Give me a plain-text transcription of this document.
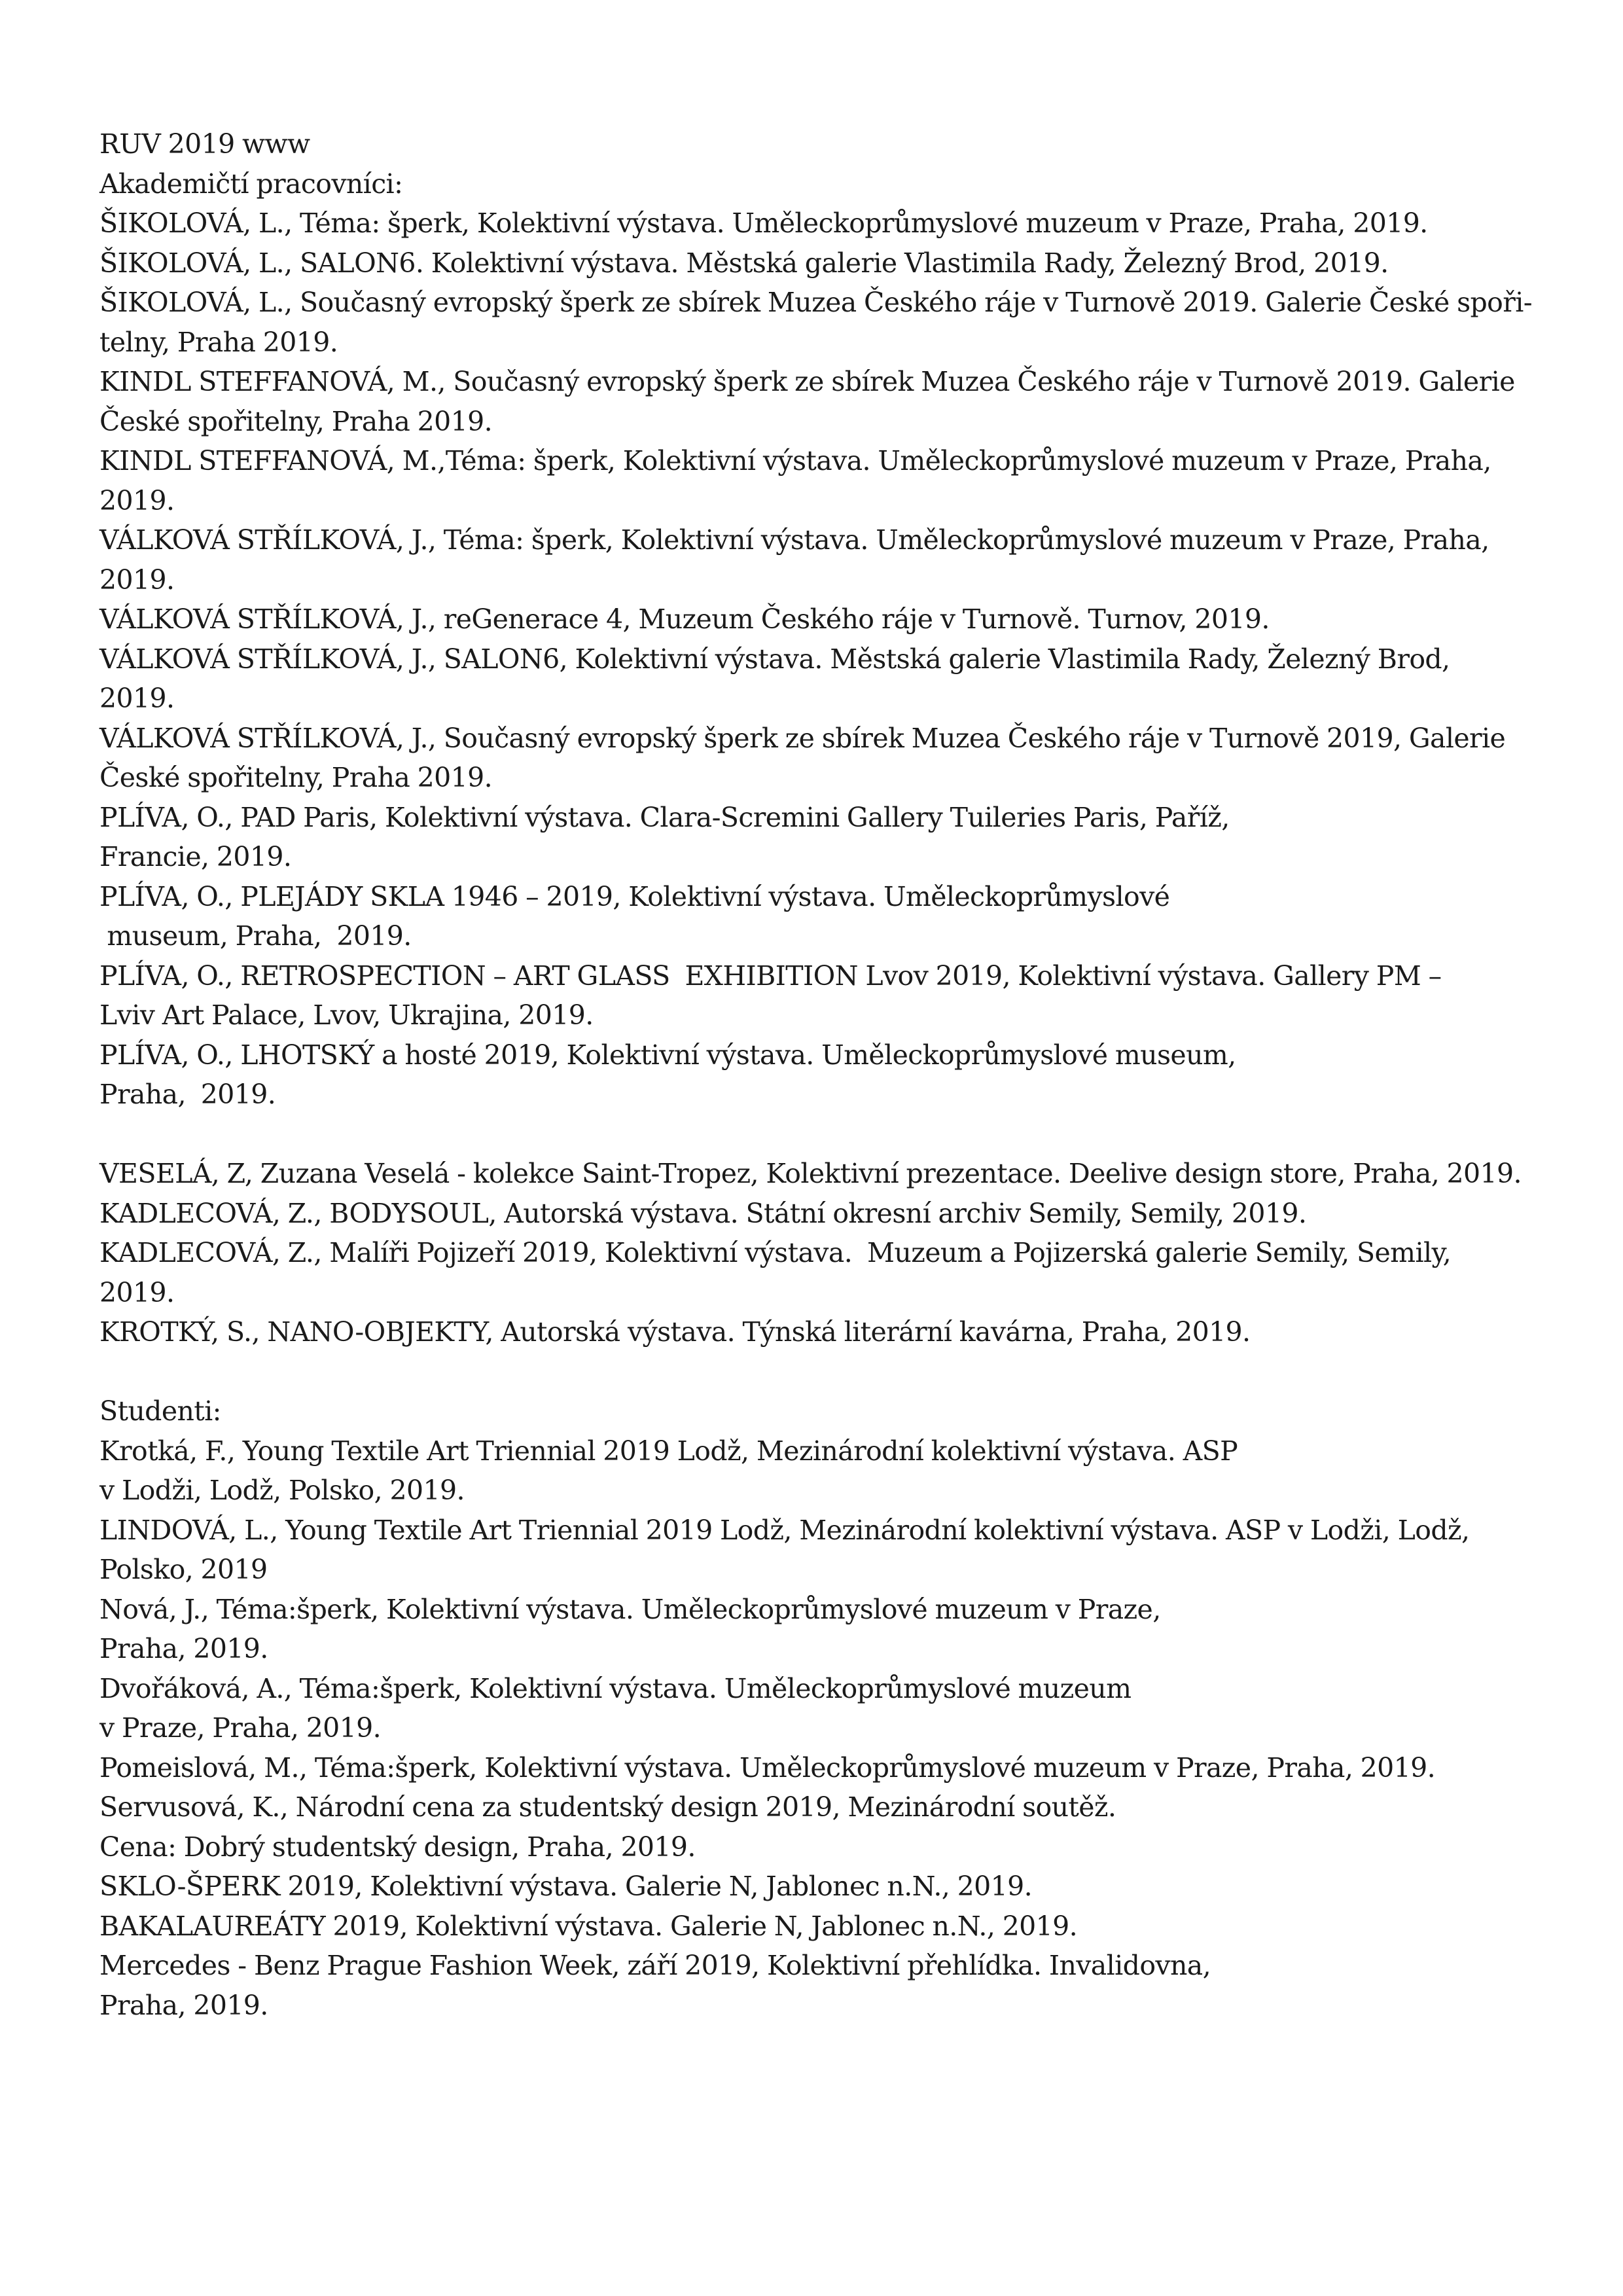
RUV 2019 www
Akademičtí pracovníci:
ŠIKOLOVÁ, L., Téma: šperk, Kolektivní výstava. Uměleckoprůmyslové muzeum v Praze, Praha, 2019.
ŠIKOLOVÁ, L., SALON6. Kolektivní výstava. Městská galerie Vlastimila Rady, Železný Brod, 2019.
ŠIKOLOVÁ, L., Současný evropský šperk ze sbírek Muzea Českého ráje v Turnově 2019. Galerie České spoři-
telny, Praha 2019.
KINDL STEFFANOVÁ, M., Současný evropský šperk ze sbírek Muzea Českého ráje v Turnově 2019. Galerie
České spořitelny, Praha 2019.
KINDL STEFFANOVÁ, M.,Téma: šperk, Kolektivní výstava. Uměleckoprůmyslové muzeum v Praze, Praha,
2019.
VÁLKOVÁ STŘÍLKOVÁ, J., Téma: šperk, Kolektivní výstava. Uměleckoprůmyslové muzeum v Praze, Praha,
2019.
VÁLKOVÁ STŘÍLKOVÁ, J., reGenerace 4, Muzeum Českého ráje v Turnově. Turnov, 2019.
VÁLKOVÁ STŘÍLKOVÁ, J., SALON6, Kolektivní výstava. Městská galerie Vlastimila Rady, Železný Brod,
2019.
VÁLKOVÁ STŘÍLKOVÁ, J., Současný evropský šperk ze sbírek Muzea Českého ráje v Turnově 2019, Galerie
České spořitelny, Praha 2019.
PLÍVA, O., PAD Paris, Kolektivní výstava. Clara-Scremini Gallery Tuileries Paris, Paříž,
Francie, 2019.
PLÍVA, O., PLEJÁDY SKLA 1946 – 2019, Kolektivní výstava. Uměleckoprůmyslové
museum, Praha,  2019.
PLÍVA, O., RETROSPECTION – ART GLASS  EXHIBITION Lvov 2019, Kolektivní výstava. Gallery PM –
Lviv Art Palace, Lvov, Ukrajina, 2019.
PLÍVA, O., LHOTSKÝ a hosté 2019, Kolektivní výstava. Uměleckoprůmyslové museum,
Praha,  2019.
VESELÁ, Z, Zuzana Veselá - kolekce Saint-Tropez, Kolektivní prezentace. Deelive design store, Praha, 2019.
KADLECOVÁ, Z., BODYSOUL, Autorská výstava. Státní okresní archiv Semily, Semily, 2019.
KADLECOVÁ, Z., Malíři Pojizeří 2019, Kolektivní výstava.  Muzeum a Pojizerská galerie Semily, Semily,
2019.
KROTKÝ, S., NANO-OBJEKTY, Autorská výstava. Týnská literární kavárna, Praha, 2019.
Studenti:
Krotká, F., Young Textile Art Triennial 2019 Lodž, Mezinárodní kolektivní výstava. ASP
v Lodži, Lodž, Polsko, 2019.
LINDOVÁ, L., Young Textile Art Triennial 2019 Lodž, Mezinárodní kolektivní výstava. ASP v Lodži, Lodž,
Polsko, 2019
Nová, J., Téma:šperk, Kolektivní výstava. Uměleckoprůmyslové muzeum v Praze,
Praha, 2019.
Dvořáková, A., Téma:šperk, Kolektivní výstava. Uměleckoprůmyslové muzeum
v Praze, Praha, 2019.
Pomeislová, M., Téma:šperk, Kolektivní výstava. Uměleckoprůmyslové muzeum v Praze, Praha, 2019.
Servusová, K., Národní cena za studentský design 2019, Mezinárodní soutěž.
Cena: Dobrý studentský design, Praha, 2019.
SKLO-ŠPERK 2019, Kolektivní výstava. Galerie N, Jablonec n.N., 2019.
BAKALAUREÁTY 2019, Kolektivní výstava. Galerie N, Jablonec n.N., 2019.
Mercedes - Benz Prague Fashion Week, září 2019, Kolektivní přehlídka. Invalidovna,
Praha, 2019.
